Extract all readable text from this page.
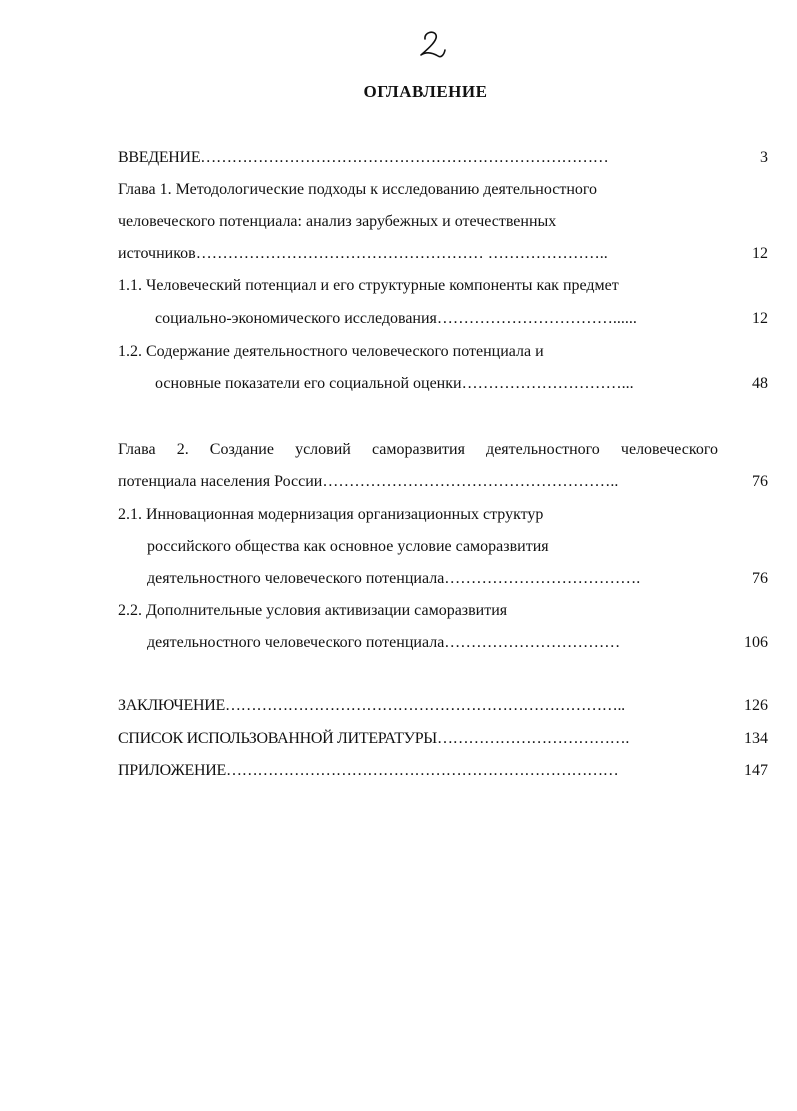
ОГЛАВЛЕНИЕ
ВВЕДЕНИЕ……………………………………………………………………	3
Глава 1. Методологические подходы к исследованию деятельностного
человеческого потенциала: анализ зарубежных и отечественных
источников……………………………………………… …………………..	12
1.1. Человеческий потенциал и его структурные компоненты как предмет
социально-экономического исследования……………………………......	12
1.2. Содержание деятельностного человеческого потенциала и
основные показатели его социальной оценки…………………………...	48
Глава 2. Создание условий саморазвития деятельностного человеческого
потенциала населения России………………………………………………..	76
2.1. Инновационная модернизация организационных структур
российского общества как основное условие саморазвития
деятельностного человеческого потенциала……………………………….	76
2.2. Дополнительные условия активизации саморазвития
деятельностного человеческого потенциала……………………………	106
ЗАКЛЮЧЕНИЕ…………………………………………………………………..	126
СПИСОК ИСПОЛЬЗОВАННОЙ ЛИТЕРАТУРЫ……………………………….	134
ПРИЛОЖЕНИЕ…………………………………………………………………	147
